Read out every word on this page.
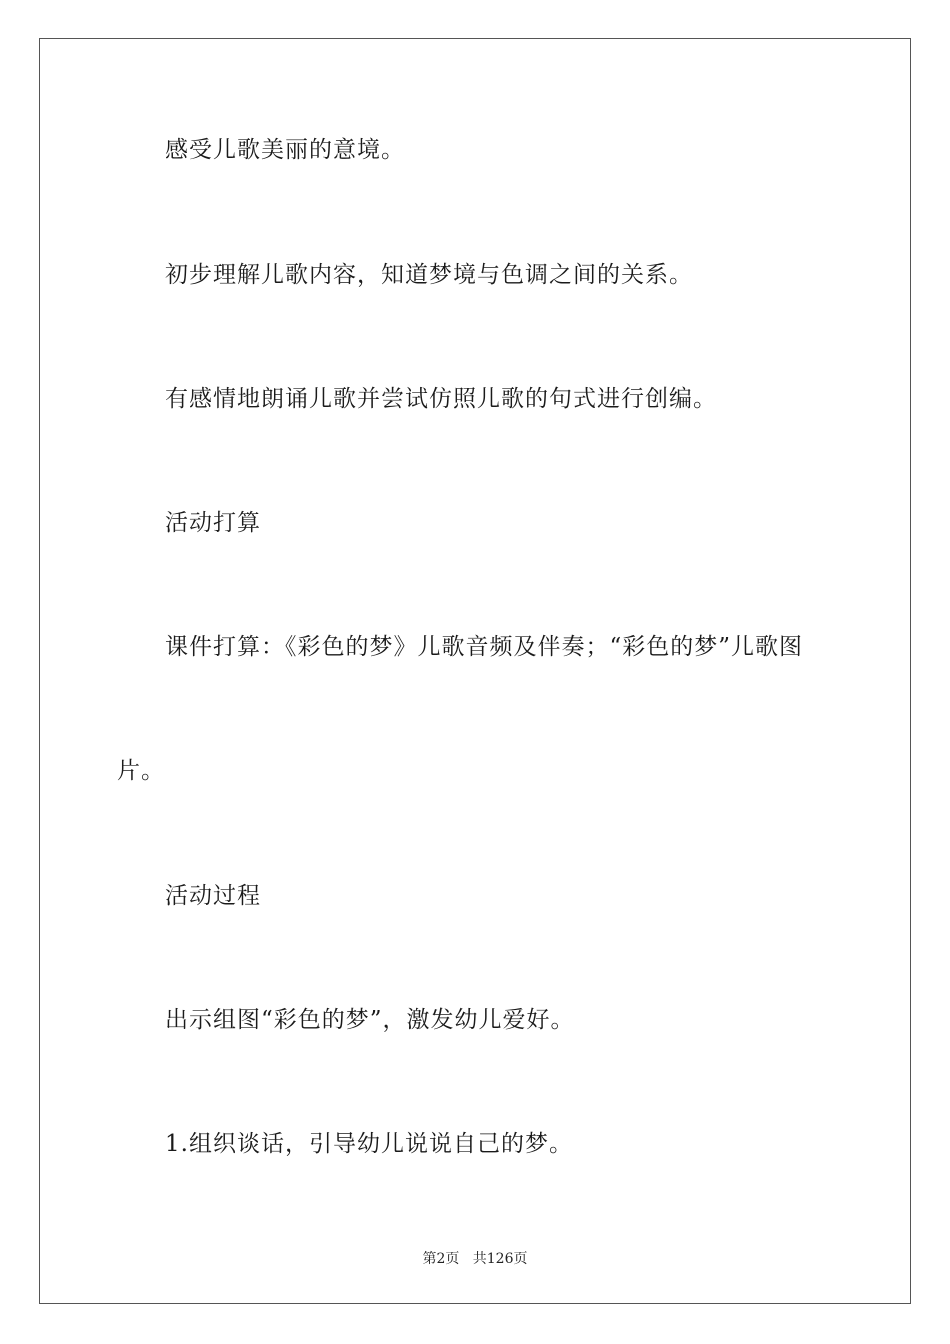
感受儿歌美丽的意境。
初步理解儿歌内容，知道梦境与色调之间的关系。
有感情地朗诵儿歌并尝试仿照儿歌的句式进行创编。
活动打算
课件打算：《彩色的梦》儿歌音频及伴奏；“彩色的梦”儿歌图
片。
活动过程
出示组图“彩色的梦”，激发幼儿爱好。
1.组织谈话，引导幼儿说说自己的梦。
第2页 共126页
